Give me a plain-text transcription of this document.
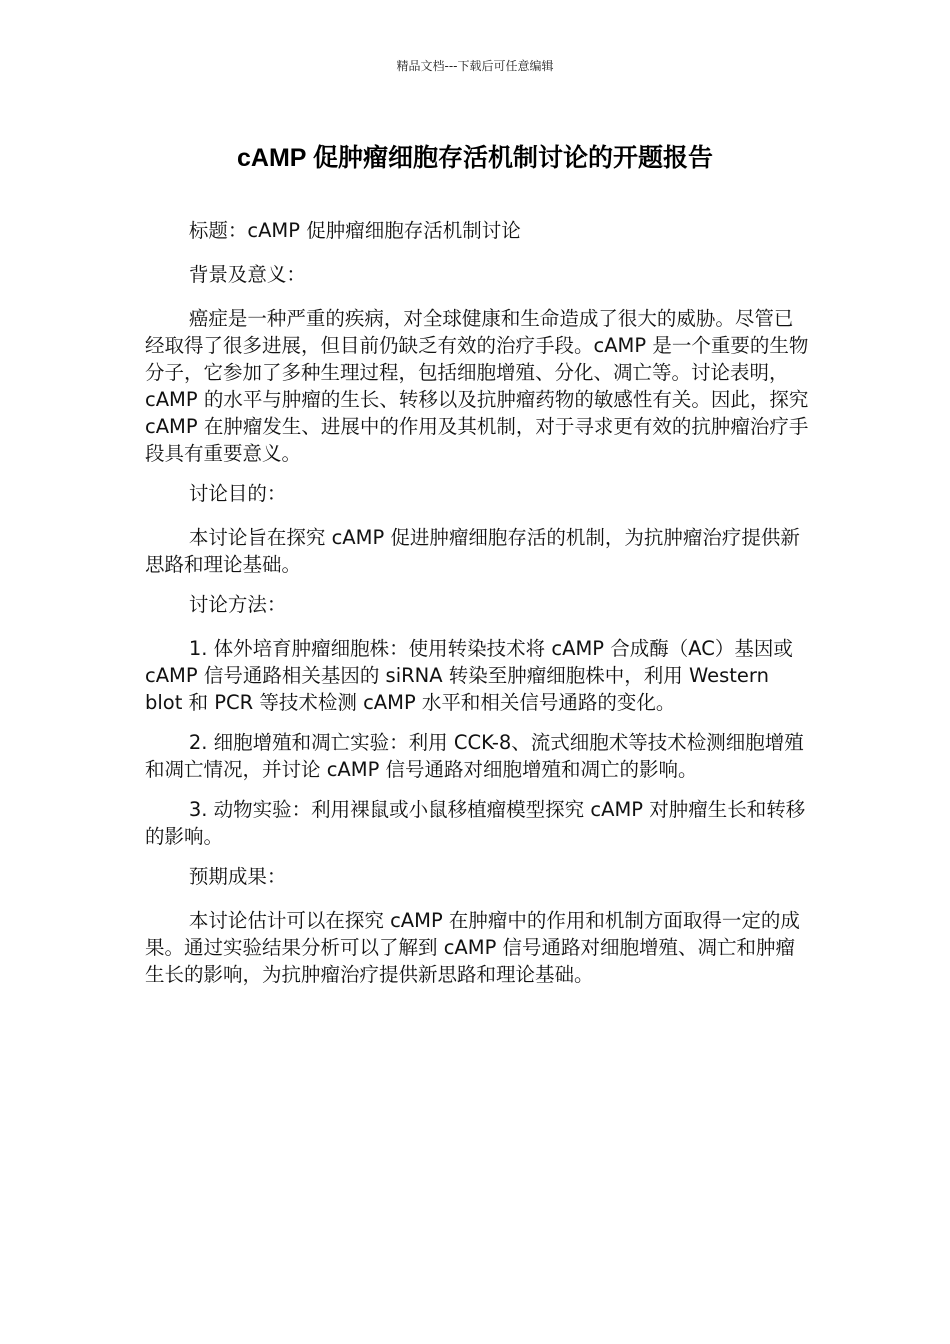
精品文档---下载后可任意编辑
cAMP 促肿瘤细胞存活机制讨论的开题报告

标题：cAMP 促肿瘤细胞存活机制讨论

背景及意义：

癌症是一种严重的疾病，对全球健康和生命造成了很大的威胁。尽管已经取得了很多进展，但目前仍缺乏有效的治疗手段。cAMP 是一个重要的生物分子，它参加了多种生理过程，包括细胞增殖、分化、凋亡等。讨论表明，cAMP 的水平与肿瘤的生长、转移以及抗肿瘤药物的敏感性有关。因此，探究 cAMP 在肿瘤发生、进展中的作用及其机制，对于寻求更有效的抗肿瘤治疗手段具有重要意义。

讨论目的：

本讨论旨在探究 cAMP 促进肿瘤细胞存活的机制，为抗肿瘤治疗提供新思路和理论基础。

讨论方法：

1. 体外培育肿瘤细胞株：使用转染技术将 cAMP 合成酶（AC）基因或 cAMP 信号通路相关基因的 siRNA 转染至肿瘤细胞株中，利用 Western blot 和 PCR 等技术检测 cAMP 水平和相关信号通路的变化。

2. 细胞增殖和凋亡实验：利用 CCK-8、流式细胞术等技术检测细胞增殖和凋亡情况，并讨论 cAMP 信号通路对细胞增殖和凋亡的影响。

3. 动物实验：利用裸鼠或小鼠移植瘤模型探究 cAMP 对肿瘤生长和转移的影响。

预期成果：

本讨论估计可以在探究 cAMP 在肿瘤中的作用和机制方面取得一定的成果。通过实验结果分析可以了解到 cAMP 信号通路对细胞增殖、凋亡和肿瘤生长的影响，为抗肿瘤治疗提供新思路和理论基础。
